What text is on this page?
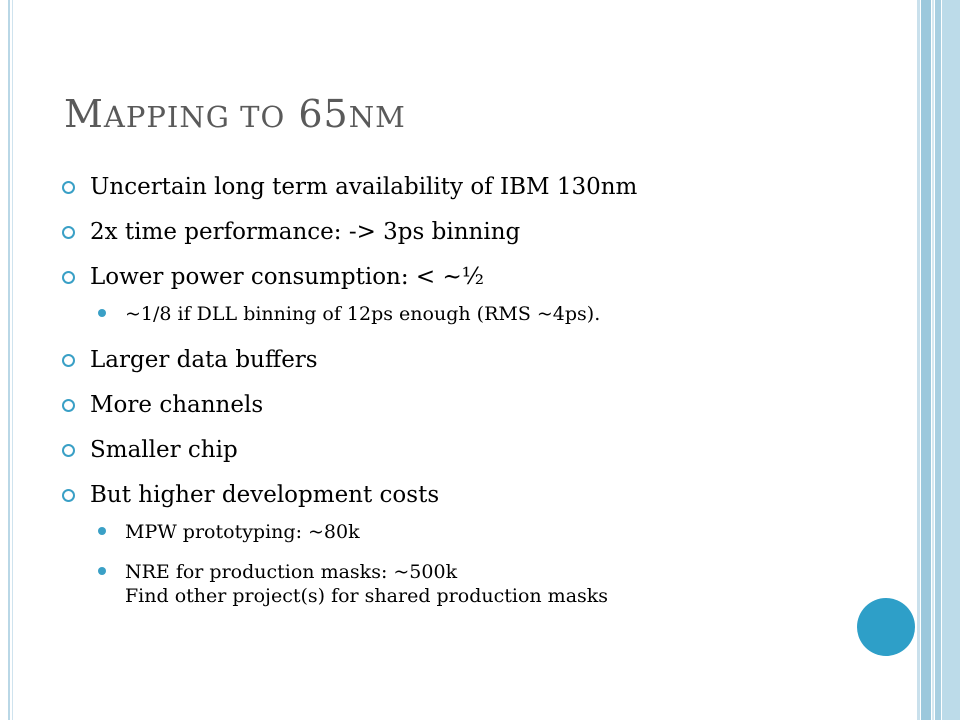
MAPPING TO 65NM
Uncertain long term availability of IBM 130nm
2x time performance: -> 3ps binning
Lower power consumption: < ~½
~1/8 if DLL binning of 12ps enough (RMS ~4ps).
Larger data buffers
More channels
Smaller chip
But higher development costs
MPW prototyping: ~80k
NRE for production masks: ~500k
Find other project(s) for shared production masks
